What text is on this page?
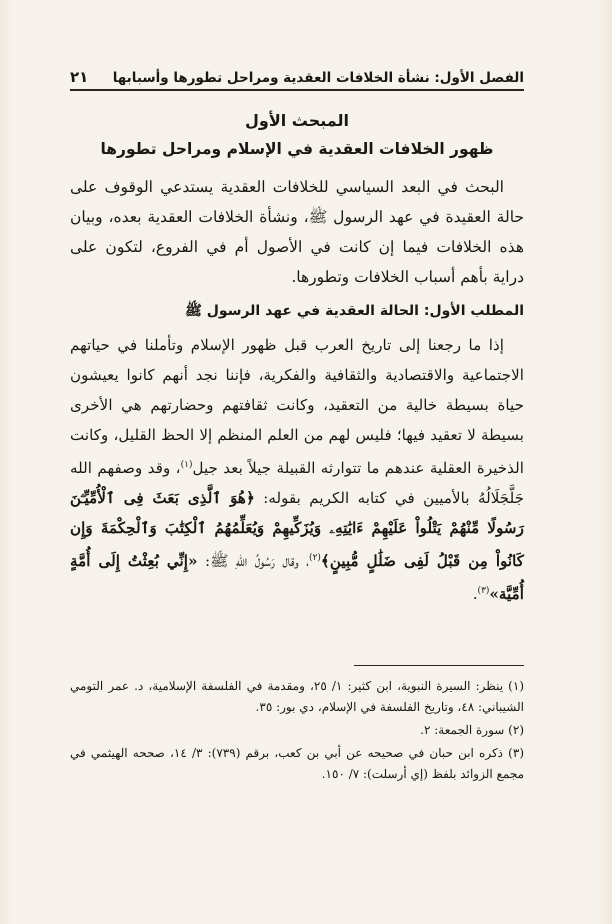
الفصل الأول: نشأة الخلافات العقدية ومراحل تطورها وأسبابها
٢١

المبحث الأول

ظهور الخلافات العقدية في الإسلام ومراحل تطورها

البحث في البعد السياسي للخلافات العقدية يستدعي الوقوف على حالة العقيدة في عهد الرسول ﷺ، ونشأة الخلافات العقدية بعده، وبيان هذه الخلافات فيما إن كانت في الأصول أم في الفروع، لتكون على دراية بأهم أسباب الخلافات وتطورها.

المطلب الأول: الحالة العقدية في عهد الرسول ﷺ

إذا ما رجعنا إلى تاريخ العرب قبل ظهور الإسلام وتأملنا في حياتهم الاجتماعية والاقتصادية والثقافية والفكرية، فإننا نجد أنهم كانوا يعيشون حياة بسيطة خالية من التعقيد، وكانت ثقافتهم وحضارتهم هي الأخرى بسيطة لا تعقيد فيها؛ فليس لهم من العلم المنظم إلا الحظ القليل، وكانت الذخيرة العقلية عندهم ما تتوارثه القبيلة جيلاً بعد جيل$^{(١)}$، وقد وصفهم الله جَلَّجَلَالُهُ بالأميين في كتابه الكريم بقوله: ﴿هُوَ ٱلَّذِى بَعَثَ فِى ٱلْأُمِّيِّـۧنَ رَسُولًا مِّنْهُمْ يَتْلُواْ عَلَيْهِمْ ءَايَٰتِهِۦ وَيُزَكِّيهِمْ وَيُعَلِّمُهُمُ ٱلْكِتَٰبَ وَٱلْحِكْمَةَ وَإِن كَانُواْ مِن قَبْلُ لَفِى ضَلَٰلٍ مُّبِينٍ﴾$^{(٢)}$، وقال رَسُولُ اللهِ ﷺ: «إِنِّي بُعِثْتُ إِلَى أُمَّةٍ أُمِّيَّة»$^{(٣)}$.

(١) ينظر: السيرة النبوية، ابن كثير: ١/ ٢٥، ومقدمة في الفلسفة الإسلامية، د. عمر التومي الشيباني: ٤٨، وتاريخ الفلسفة في الإسلام، دي بور: ٣٥.

(٢) سورة الجمعة: ٢.

(٣) ذكره ابن حبان في صحيحه عن أبي بن كعب، برقم (٧٣٩): ٣/ ١٤، صححه الهيثمي في مجمع الزوائد بلفظ (إي أرسلت): ٧/ ١٥٠.
